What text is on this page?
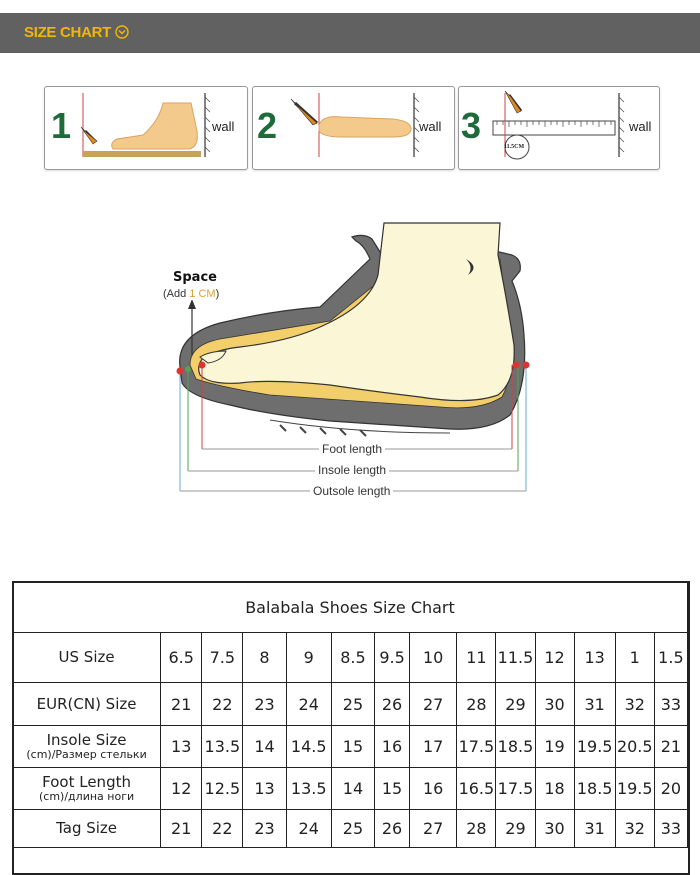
SIZE CHART
1	wall 2	wall 3
11.5CM
wall
Space
(Add 1 CM)
Foot length
Insole length
Outsole length
Balabala Shoes Size Chart													

US Size	6.5	7.5	8	9	8.5	9.5	10	11	11.5	12	13	1	1.5

EUR(CN) Size	21	22	23	24	25	26	27	28	29	30	31	32	33

Insole Size
(cm)/Размер стельки	13	13.5	14	14.5	15	16	17	17.5	18.5	19	19.5	20.5	21

Foot Length
(cm)/длина ноги	12	12.5	13	13.5	14	15	16	16.5	17.5	18	18.5	19.5	20

Tag Size	21	22	23	24	25	26	27	28	29	30	31	32	33
